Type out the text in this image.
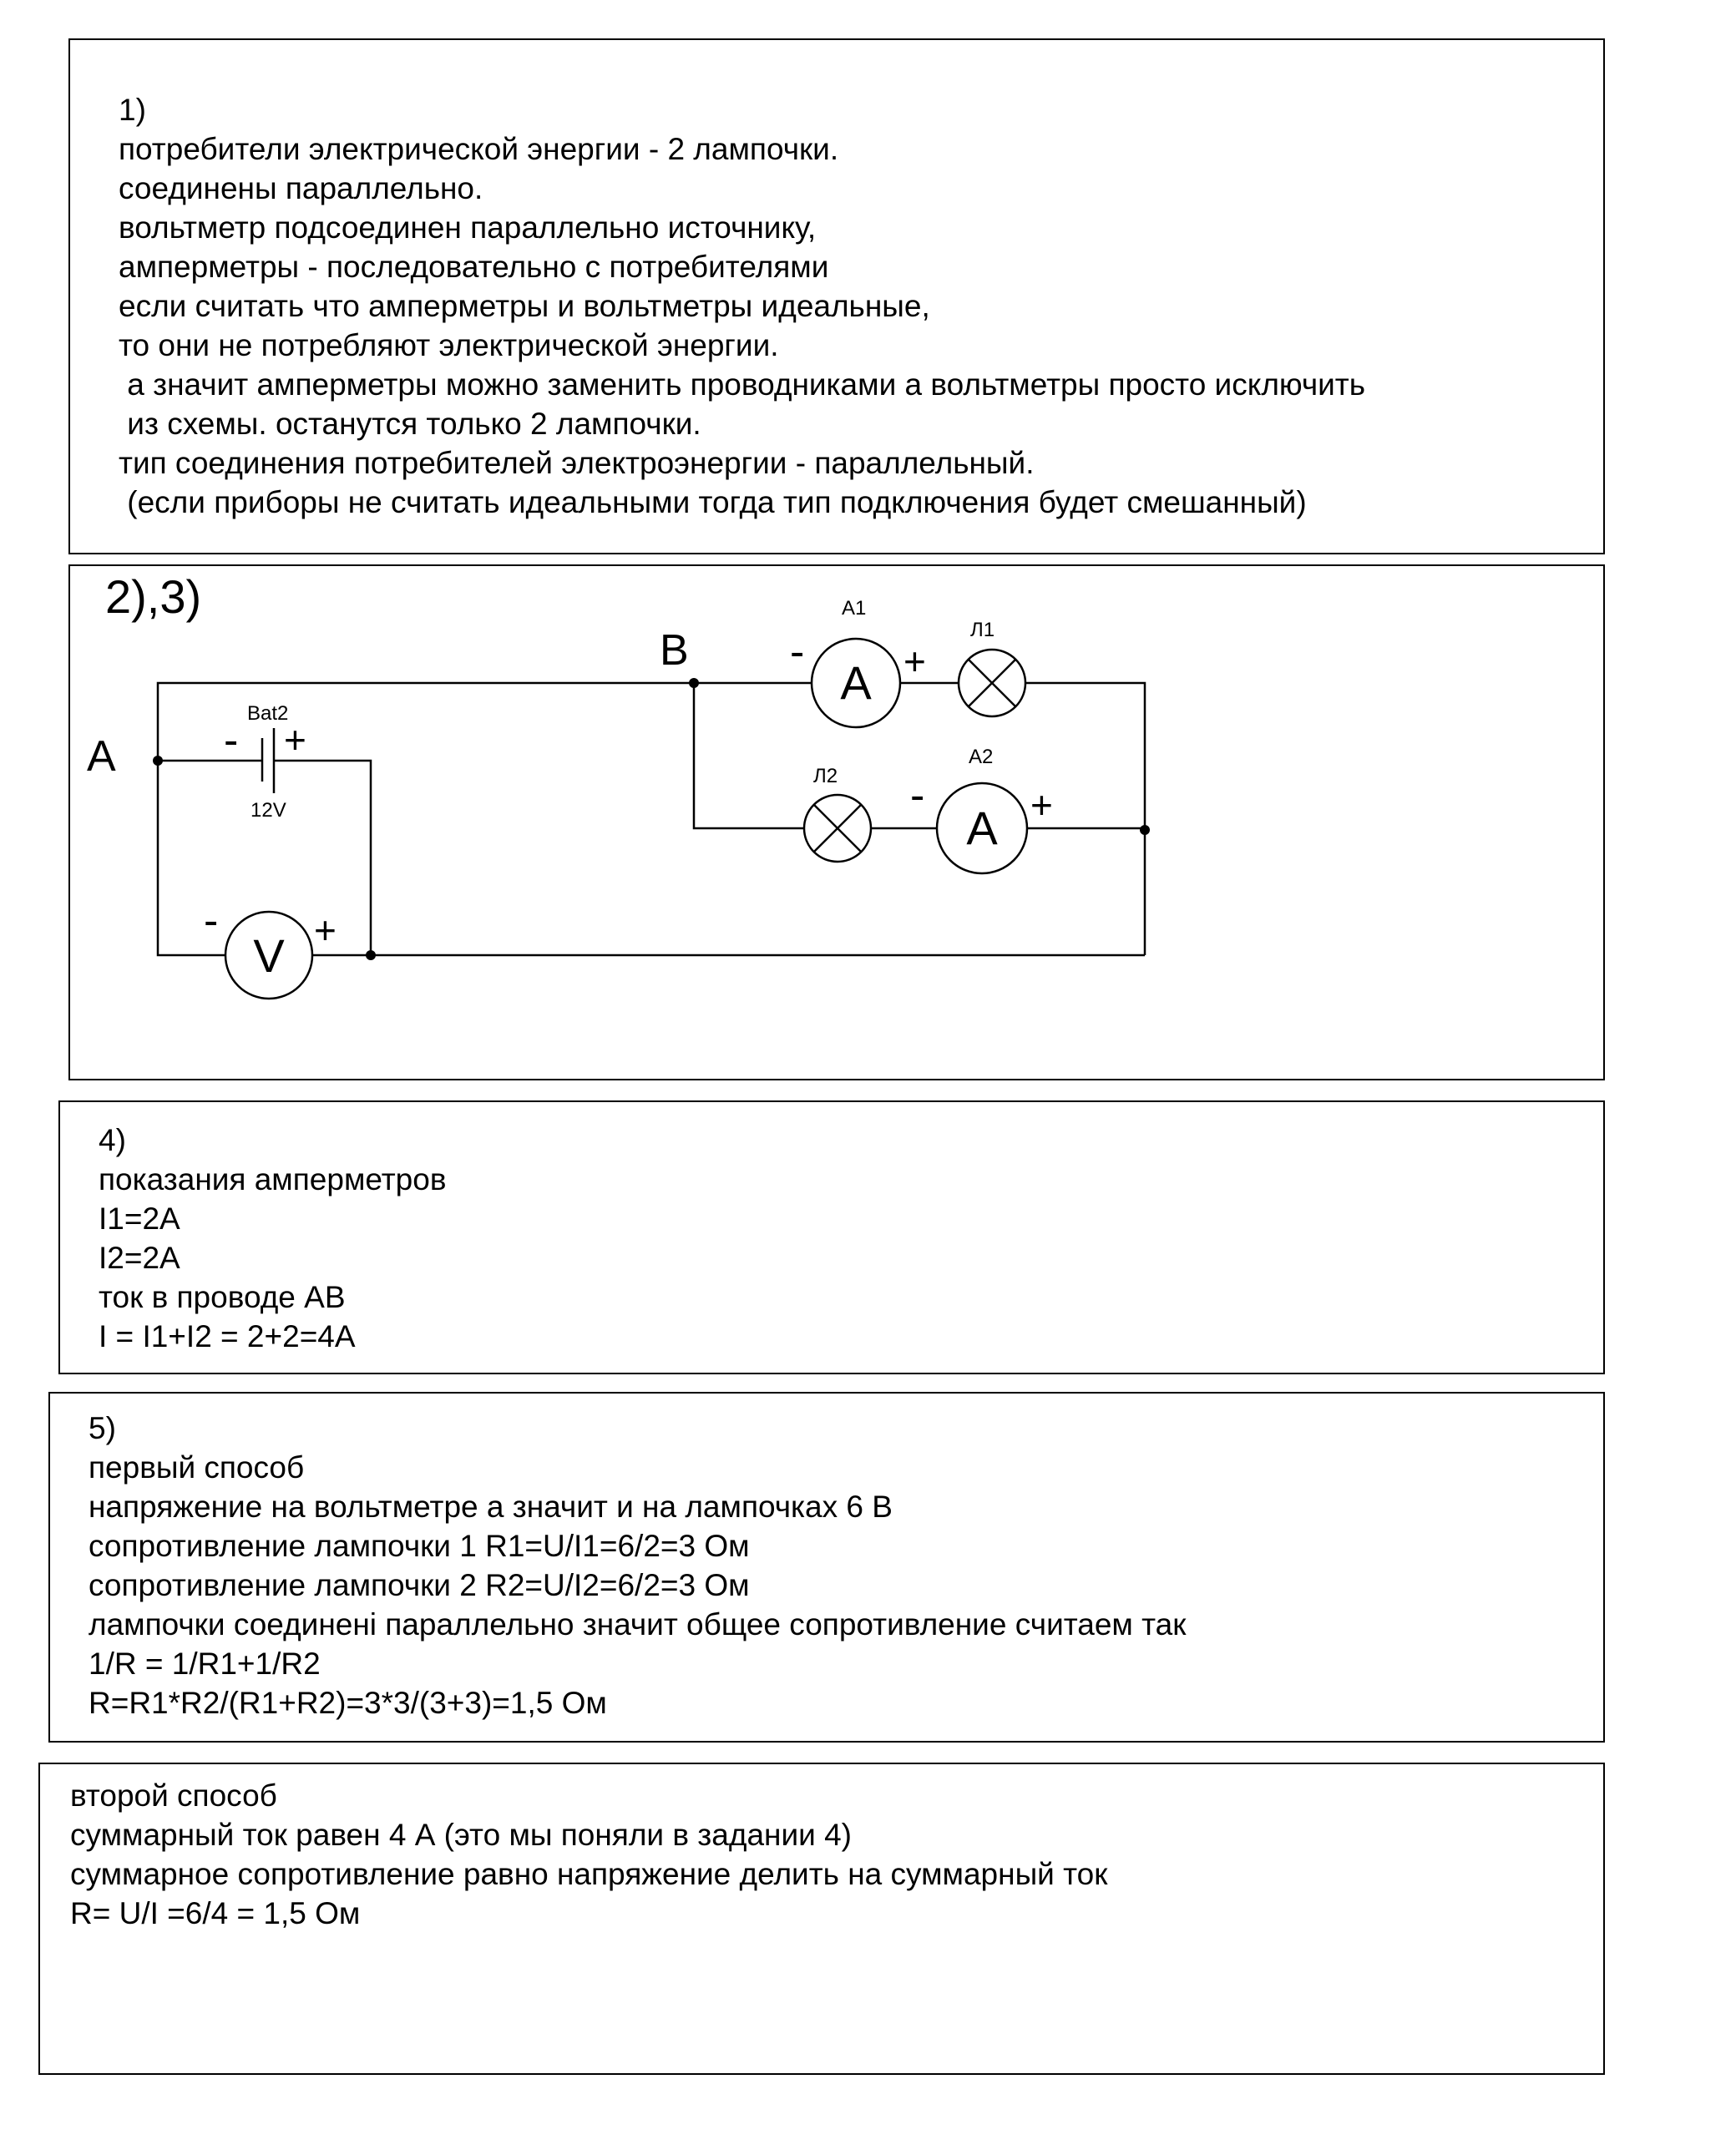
1)
потребители электрической энергии - 2 лампочки.
соединены параллельно.
вольтметр подсоединен параллельно источнику,
амперметры - последовательно с потребителями
если считать что амперметры и вольтметры идеальные,
то они не потребляют электрической энергии.
а значит амперметры можно заменить проводниками а вольтметры просто исключить
из схемы. останутся только 2 лампочки.
тип соединения потребителей электроэнергии - параллельный.
(если приборы не считать идеальными тогда тип подключения будет смешанный)
2),3)
A
B
Bat2
12V
- +
A1
Л1
Л2
A2
A
A
V
-	+
-	+
- +
4)
показания амперметров
I1=2A
I2=2A
ток в проводе AB
I = I1+I2 = 2+2=4A
5)
первый способ
напряжение на вольтметре а значит и на лампочках 6 В
сопротивление лампочки 1 R1=U/I1=6/2=3 Ом
сопротивление лампочки 2 R2=U/I2=6/2=3 Ом
лампочки соединені параллельно значит общее сопротивление считаем так
1/R = 1/R1+1/R2
R=R1*R2/(R1+R2)=3*3/(3+3)=1,5 Ом
второй способ
суммарный ток равен 4 А (это мы поняли в задании 4)
суммарное сопротивление равно напряжение делить на суммарный ток
R= U/I =6/4 = 1,5 Ом
